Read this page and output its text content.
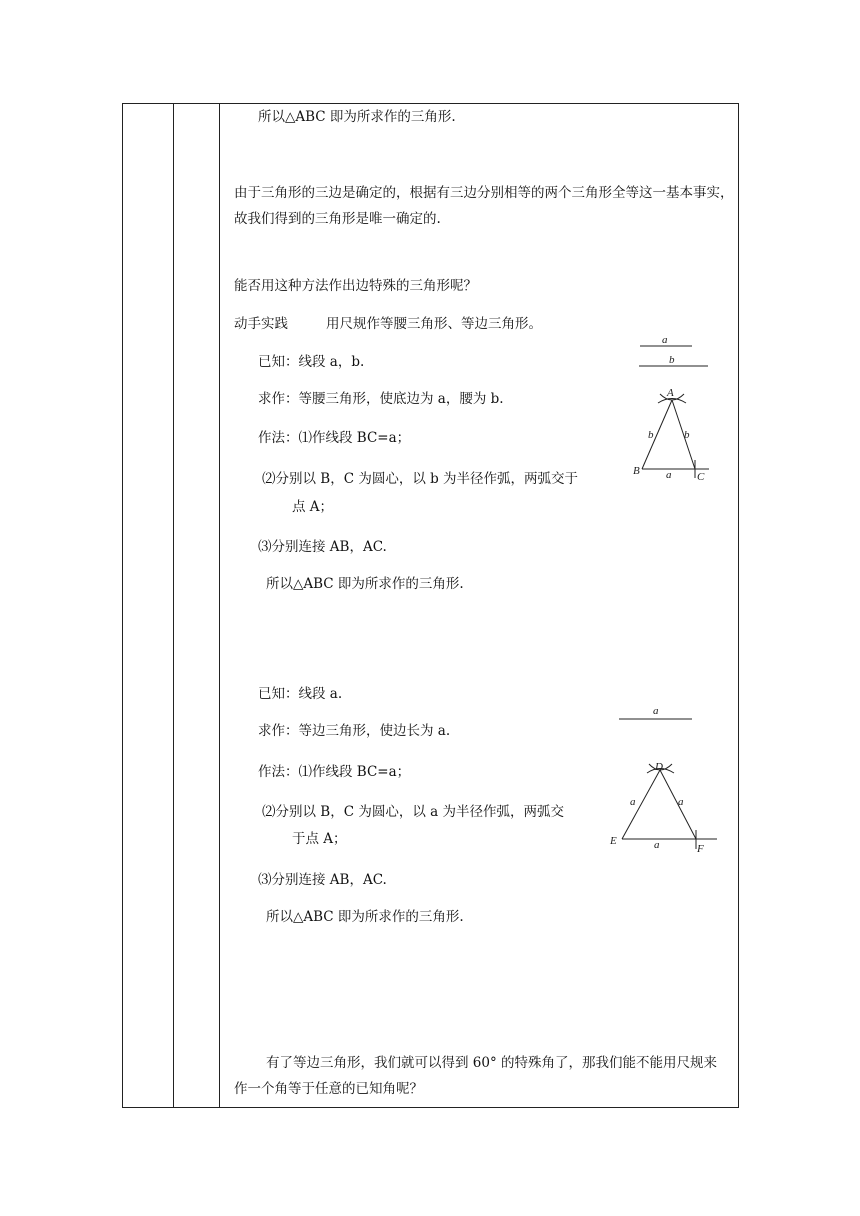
所以△ABC 即为所求作的三角形.
由于三角形的三边是确定的，根据有三边分别相等的两个三角形全等这一基本事实，故我们得到的三角形是唯一确定的.
能否用这种方法作出边特殊的三角形呢？
动手实践	用尺规作等腰三角形、等边三角形。
已知：线段 a，b.
求作：等腰三角形，使底边为 a，腰为 b.
作法：⑴作线段 BC=a；
⑵分别以 B，C 为圆心，以 b 为半径作弧，两弧交于
点 A；
⑶分别连接 AB，AC.
所以△ABC 即为所求作的三角形.
已知：线段 a.
求作：等边三角形，使边长为 a.
作法：⑴作线段 BC=a；
⑵分别以 B，C 为圆心，以 a 为半径作弧，两弧交
于点 A；
⑶分别连接 AB，AC.
所以△ABC 即为所求作的三角形.
有了等边三角形，我们就可以得到 60° 的特殊角了，那我们能不能用尺规来作一个角等于任意的已知角呢？
a
b
A
B	C
b	b
a
a
D
E
F
a	a
a
